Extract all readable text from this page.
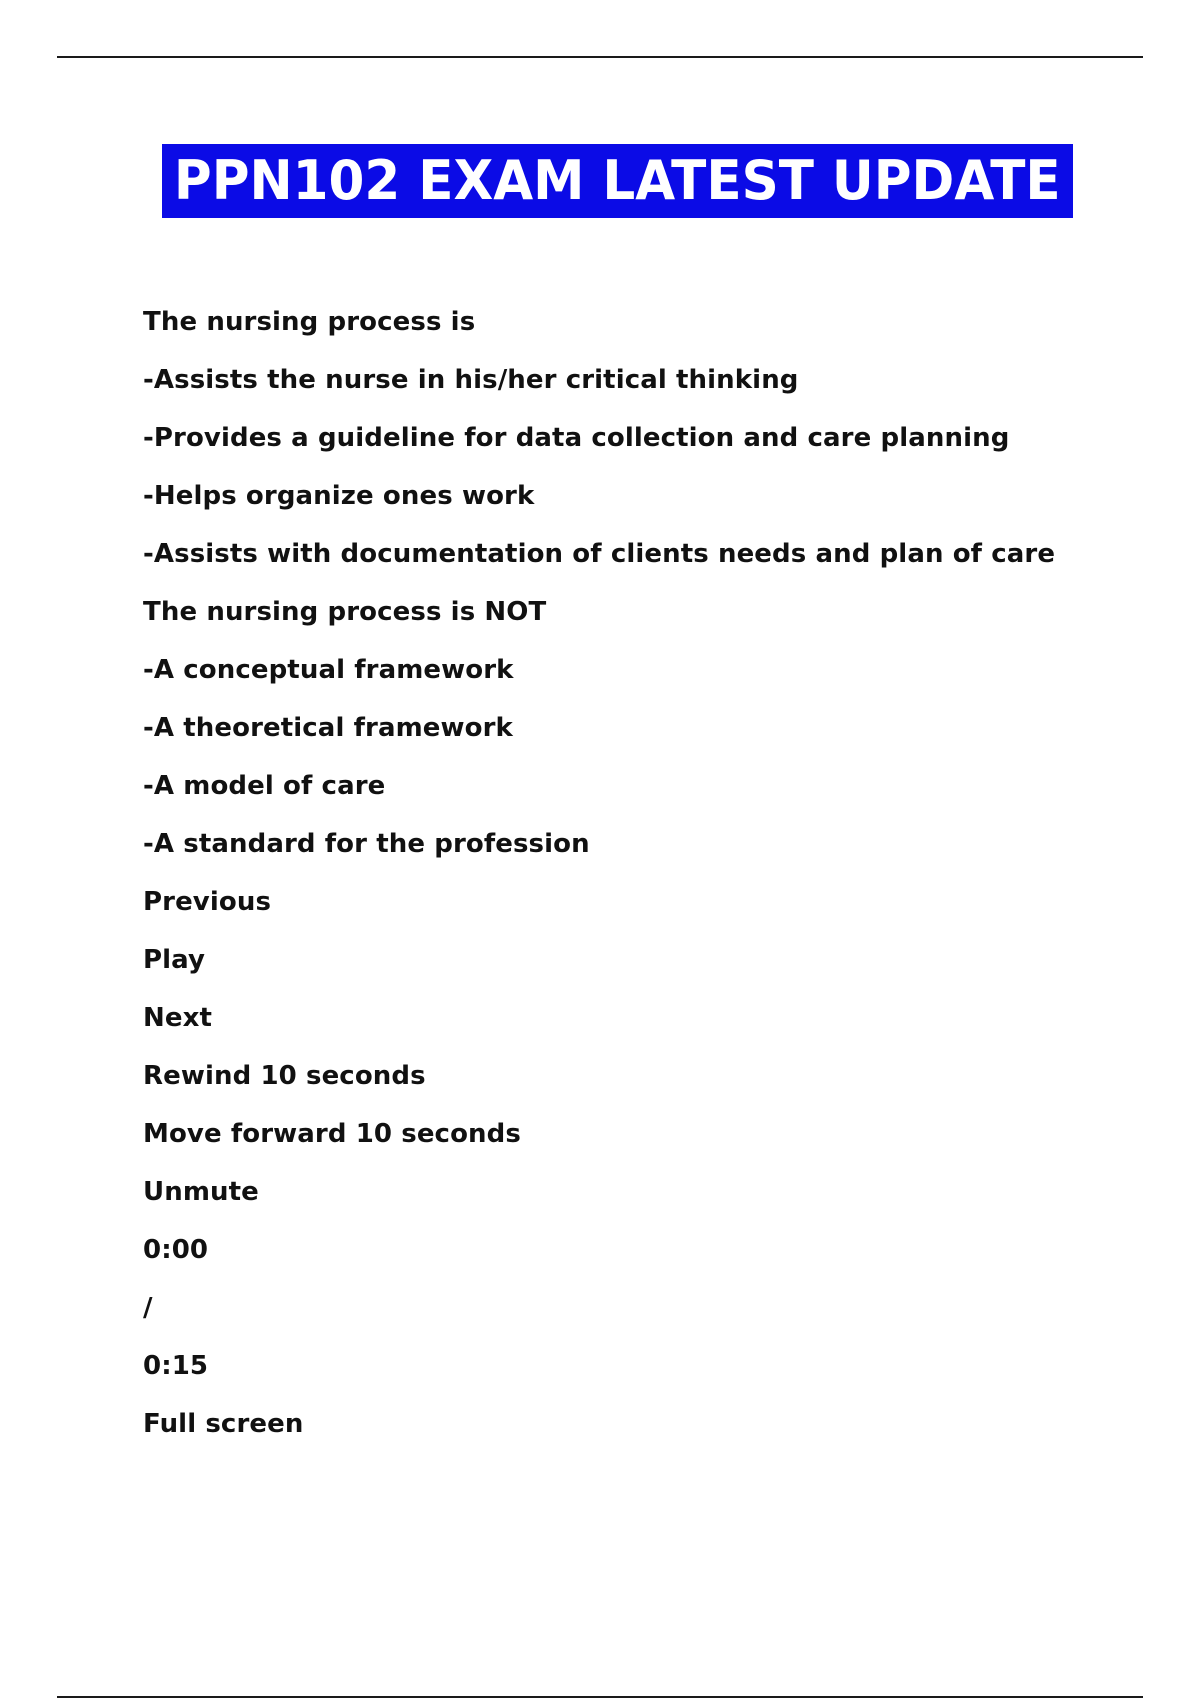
PPN102 EXAM LATEST UPDATE
The nursing process is
-Assists the nurse in his/her critical thinking
-Provides a guideline for data collection and care planning
-Helps organize ones work
-Assists with documentation of clients needs and plan of care
The nursing process is NOT
-A conceptual framework
-A theoretical framework
-A model of care
-A standard for the profession
Previous
Play
Next
Rewind 10 seconds
Move forward 10 seconds
Unmute
0:00
/
0:15
Full screen
